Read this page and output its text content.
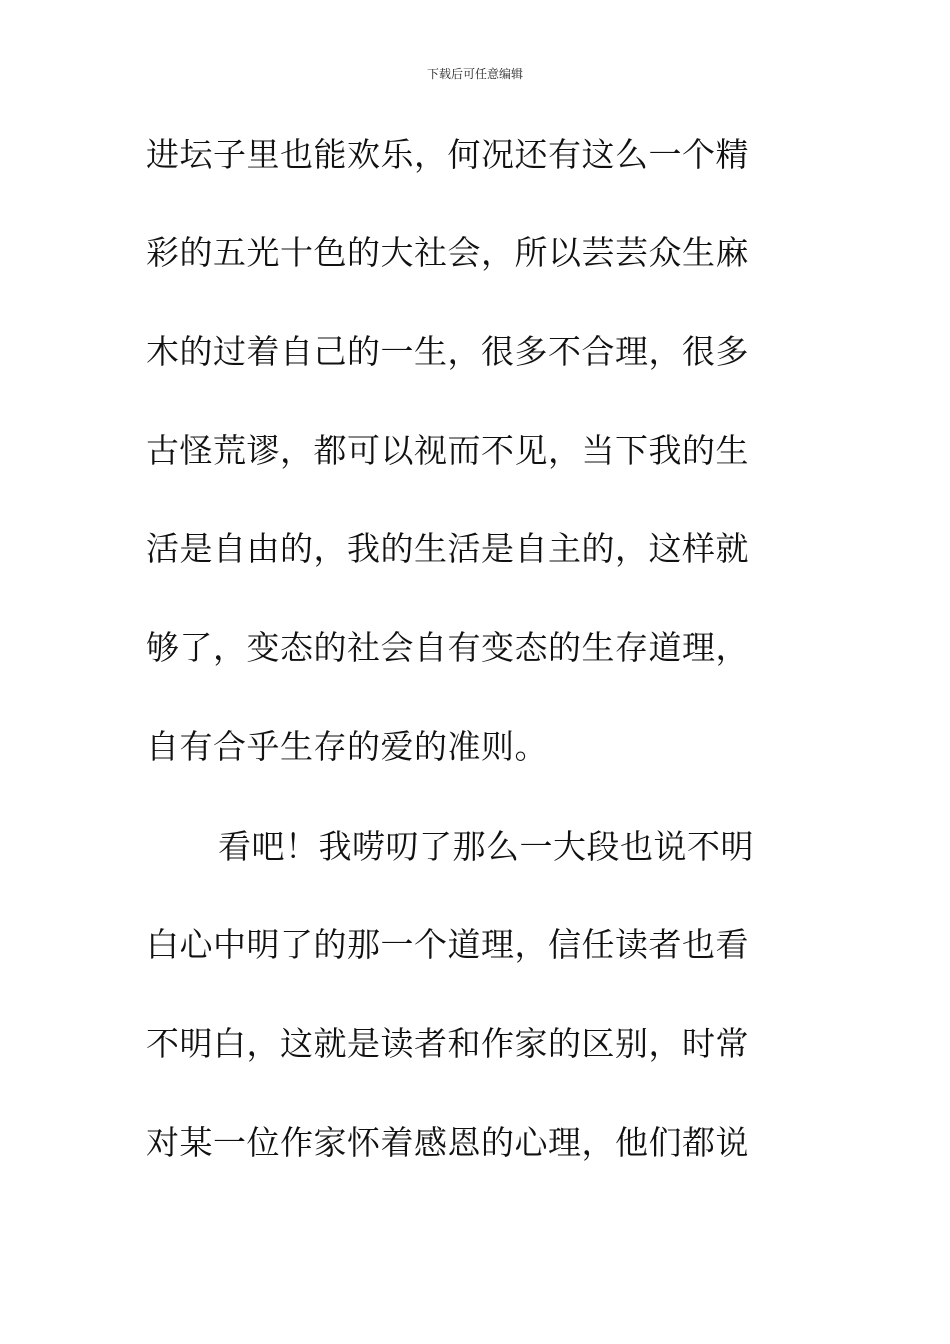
下载后可任意编辑
进坛子里也能欢乐，何况还有这么一个精
彩的五光十色的大社会，所以芸芸众生麻
木的过着自己的一生，很多不合理，很多
古怪荒谬，都可以视而不见，当下我的生
活是自由的，我的生活是自主的，这样就
够了，变态的社会自有变态的生存道理，
自有合乎生存的爱的准则。
看吧！我唠叨了那么一大段也说不明
白心中明了的那一个道理，信任读者也看
不明白，这就是读者和作家的区别，时常
对某一位作家怀着感恩的心理，他们都说
